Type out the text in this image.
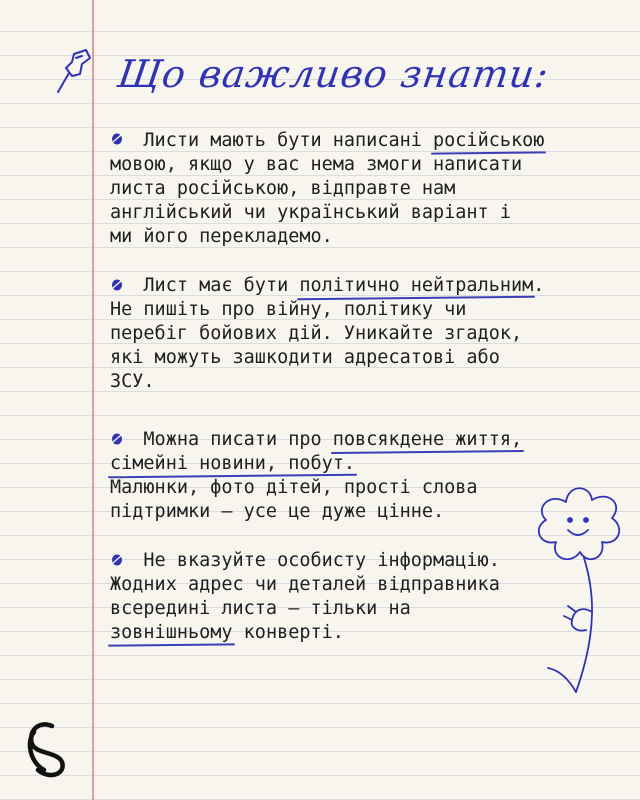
Що важливо знати:

Листи мають бути написані російською
мовою, якщо у вас нема змоги написати
листа російською, відправте нам
англійський чи український варіант і
ми його перекладемо.

Лист має бути політично нейтральним.
Не пишіть про війну, політику чи
перебіг бойових дій. Уникайте згадок,
які можуть зашкодити адресатові або
ЗСУ.

Можна писати про повсякдене життя,
сімейні новини, побут.
Малюнки, фото дітей, прості слова
підтримки — усе це дуже цінне.

Не вказуйте особисту інформацію.
Жодних адрес чи деталей відправника
всередині листа — тільки на
зовнішньому конверті.
